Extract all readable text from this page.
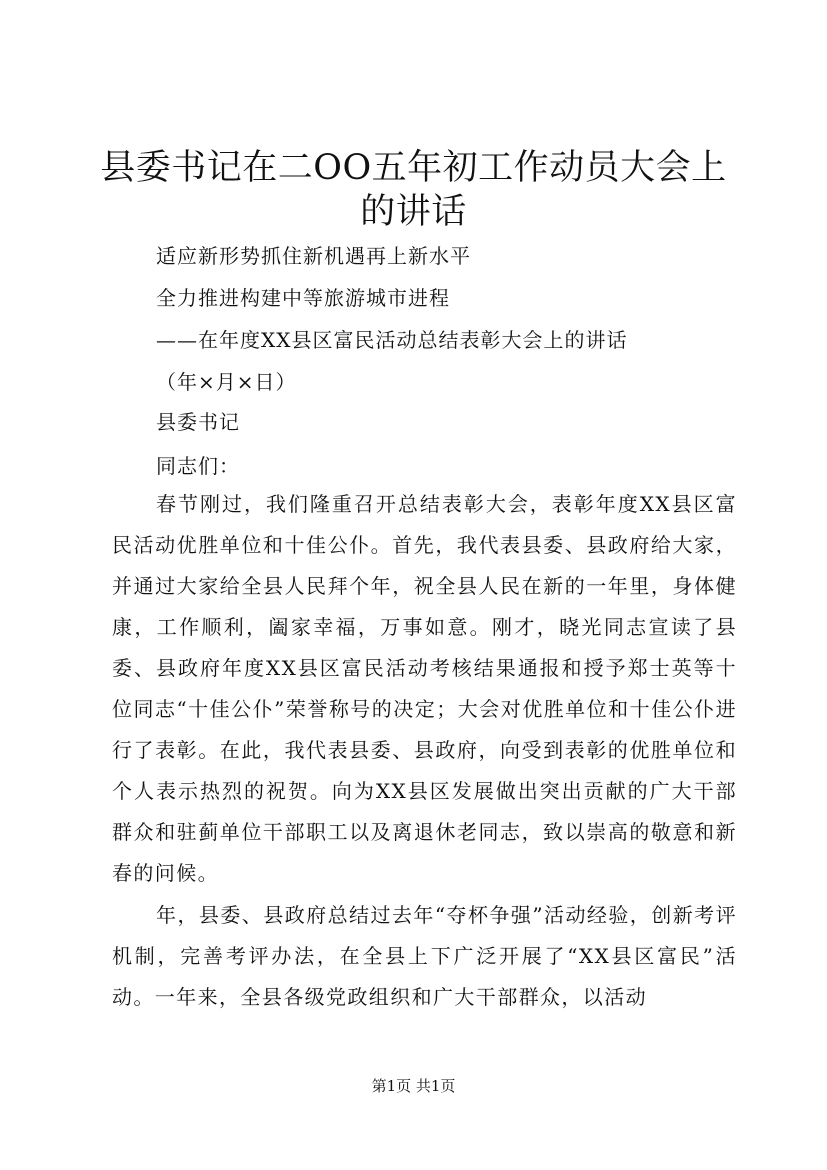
县委书记在二OO五年初工作动员大会上的讲话
适应新形势抓住新机遇再上新水平
全力推进构建中等旅游城市进程
——在年度XX县区富民活动总结表彰大会上的讲话
（年×月×日）
县委书记
同志们：

春节刚过，我们隆重召开总结表彰大会，表彰年度XX县区富民活动优胜单位和十佳公仆。首先，我代表县委、县政府给大家，并通过大家给全县人民拜个年，祝全县人民在新的一年里，身体健康，工作顺利，阖家幸福，万事如意。刚才，晓光同志宣读了县委、县政府年度XX县区富民活动考核结果通报和授予郑士英等十位同志“十佳公仆”荣誉称号的决定；大会对优胜单位和十佳公仆进行了表彰。在此，我代表县委、县政府，向受到表彰的优胜单位和个人表示热烈的祝贺。向为XX县区发展做出突出贡献的广大干部群众和驻蓟单位干部职工以及离退休老同志，致以崇高的敬意和新春的问候。

年，县委、县政府总结过去年“夺杯争强”活动经验，创新考评机制，完善考评办法，在全县上下广泛开展了“XX县区富民”活动。一年来，全县各级党政组织和广大干部群众，以活动

第1页 共1页
